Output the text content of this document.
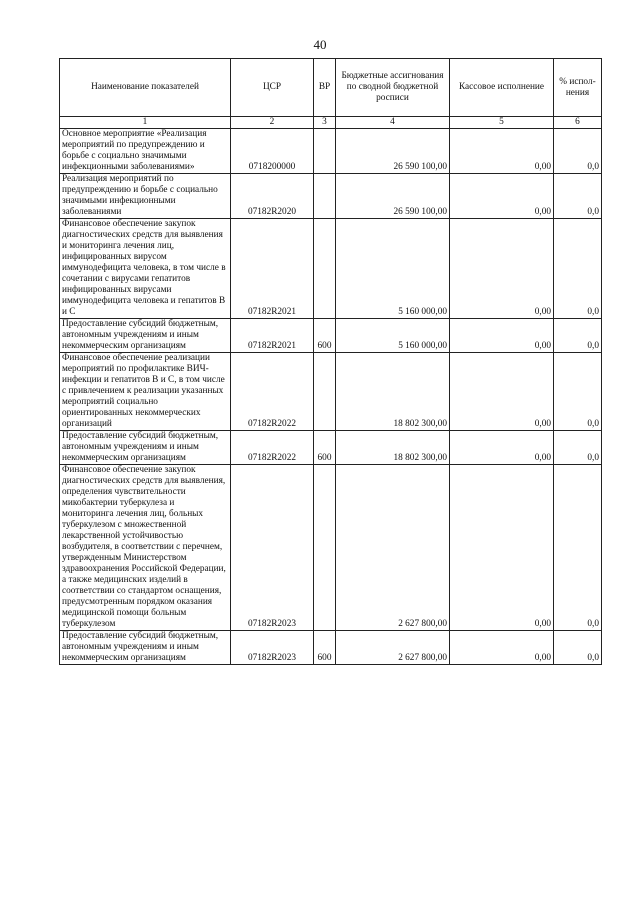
40
Наименование показателей	ЦСР	ВР	Бюджетные ассигнования по сводной бюджетной росписи	Кассовое исполнение	% испол-нения
1	2	3	4	5	6
Основное мероприятие «Реализация мероприятий по предупреждению и борьбе с социально значимыми инфекционными заболеваниями»	0718200000		26 590 100,00	0,00	0,0
Реализация мероприятий по предупреждению и борьбе с социально значимыми инфекционными заболеваниями	07182R2020		26 590 100,00	0,00	0,0
Финансовое обеспечение закупок диагностических средств для выявления и мониторинга лечения лиц, инфицированных вирусом иммунодефицита человека, в том числе в сочетании с вирусами гепатитов инфицированных вирусами иммунодефицита человека и гепатитов В и С	07182R2021		5 160 000,00	0,00	0,0
Предоставление субсидий бюджетным, автономным учреждениям и иным некоммерческим организациям	07182R2021	600	5 160 000,00	0,00	0,0
Финансовое обеспечение реализации мероприятий по профилактике ВИЧ-инфекции и гепатитов В и С, в том числе с привлечением к реализации указанных мероприятий социально ориентированных некоммерческих организаций	07182R2022		18 802 300,00	0,00	0,0
Предоставление субсидий бюджетным, автономным учреждениям и иным некоммерческим организациям	07182R2022	600	18 802 300,00	0,00	0,0
Финансовое обеспечение закупок диагностических средств для выявления, определения чувствительности микобактерии туберкулеза и мониторинга лечения лиц, больных туберкулезом с множественной лекарственной устойчивостью возбудителя, в соответствии с перечнем, утвержденным Министерством здравоохранения Российской Федерации, а также медицинских изделий в соответствии со стандартом оснащения, предусмотренным порядком оказания медицинской помощи больным туберкулезом	07182R2023		2 627 800,00	0,00	0,0
Предоставление субсидий бюджетным, автономным учреждениям и иным некоммерческим организациям	07182R2023	600	2 627 800,00	0,00	0,0
